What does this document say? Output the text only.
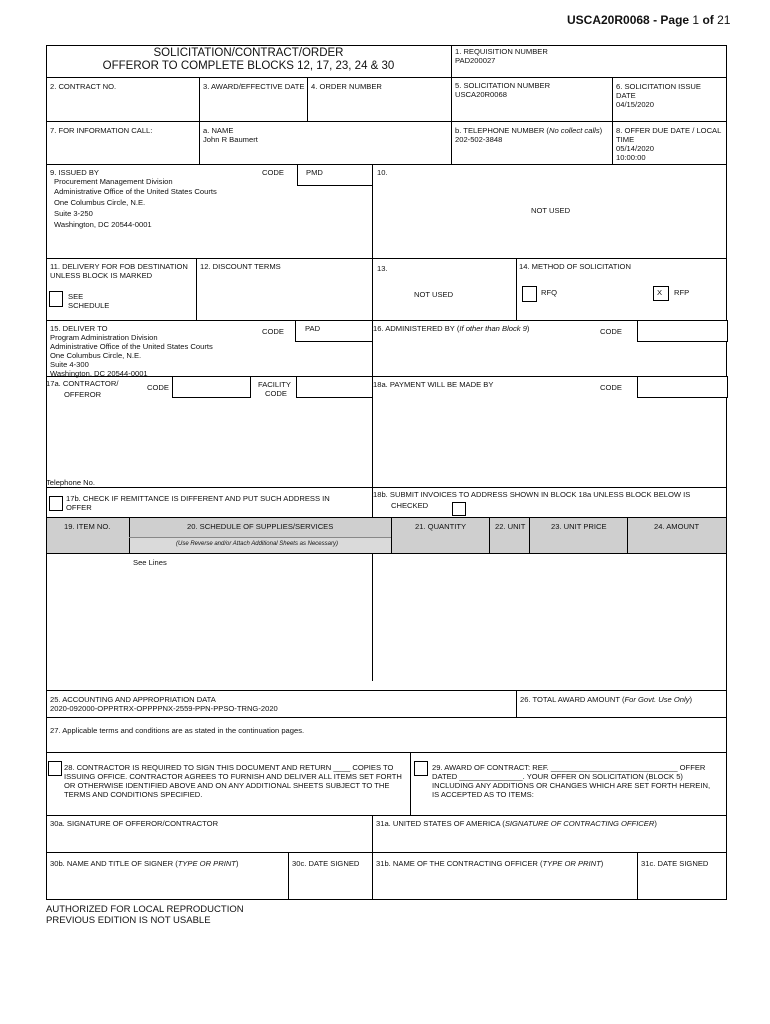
USCA20R0068 - Page 1 of 21
SOLICITATION/CONTRACT/ORDER
OFFEROR TO COMPLETE BLOCKS 12, 17, 23, 24 & 30
1. REQUISITION NUMBER
PAD200027
2. CONTRACT NO.	3. AWARD/EFFECTIVE DATE 4. ORDER NUMBER	5. SOLICITATION NUMBER
USCA20R0068
6. SOLICITATION ISSUE
DATE
04/15/2020
7. FOR INFORMATION CALL:	a. NAME
John R Baumert
b. TELEPHONE NUMBER (No collect calls)
202-502-3848
8. OFFER DUE DATE / LOCAL
TIME
05/14/2020
10:00:00
9. ISSUED BY	CODE	PMD
Procurement Management Division
Administrative Office of the United States Courts
One Columbus Circle, N.E.
Suite 3-250
Washington, DC 20544-0001
10.
NOT USED
11. DELIVERY FOR FOB DESTINATION
UNLESS BLOCK IS MARKED
SEE
SCHEDULE
12. DISCOUNT TERMS	13.
NOT USED
14. METHOD OF SOLICITATION
RFQ	X RFP
15. DELIVER TO	CODE	PAD
Program Administration Division
Administrative Office of the United States Courts
One Columbus Circle, N.E.
Suite 4-300
Washington, DC 20544-0001
16. ADMINISTERED BY (If other than Block 9)	CODE
17a. CONTRACTOR/
OFFEROR
CODE	FACILITY
CODE
Telephone No.
17b. CHECK IF REMITTANCE IS DIFFERENT AND PUT SUCH ADDRESS IN
OFFER
18a. PAYMENT WILL BE MADE BY	CODE
18b. SUBMIT INVOICES TO ADDRESS SHOWN IN BLOCK 18a UNLESS BLOCK BELOW IS
CHECKED
19. ITEM NO.	20. SCHEDULE OF SUPPLIES/SERVICES
(Use Reverse and/or Attach Additional Sheets as Necessary)
21. QUANTITY	22. UNIT	23. UNIT PRICE	24. AMOUNT
See Lines
25. ACCOUNTING AND APPROPRIATION DATA
2020-092000-OPPRTRX-OPPPPNX-2559-PPN-PPSO-TRNG-2020
26. TOTAL AWARD AMOUNT (For Govt. Use Only)
27. Applicable terms and conditions are as stated in the continuation pages.
28. CONTRACTOR IS REQUIRED TO SIGN THIS DOCUMENT AND RETURN ____ COPIES TO
ISSUING OFFICE. CONTRACTOR AGREES TO FURNISH AND DELIVER ALL ITEMS SET FORTH
OR OTHERWISE IDENTIFIED ABOVE AND ON ANY ADDITIONAL SHEETS SUBJECT TO THE
TERMS AND CONDITIONS SPECIFIED.
29. AWARD OF CONTRACT: REF. ______________________________ OFFER
DATED _______________. YOUR OFFER ON SOLICITATION (BLOCK 5)
INCLUDING ANY ADDITIONS OR CHANGES WHICH ARE SET FORTH HEREIN,
IS ACCEPTED AS TO ITEMS:
30a. SIGNATURE OF OFFEROR/CONTRACTOR	31a. UNITED STATES OF AMERICA (SIGNATURE OF CONTRACTING OFFICER)
30b. NAME AND TITLE OF SIGNER (TYPE OR PRINT)	30c. DATE SIGNED 31b. NAME OF THE CONTRACTING OFFICER (TYPE OR PRINT)	31c. DATE SIGNED
AUTHORIZED FOR LOCAL REPRODUCTION
PREVIOUS EDITION IS NOT USABLE
